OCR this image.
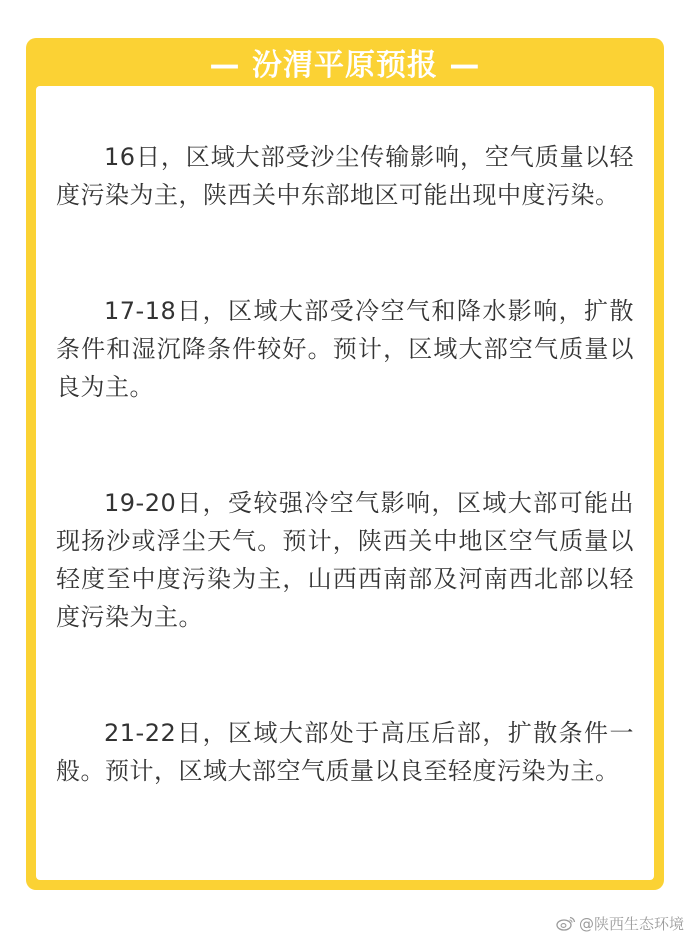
— 汾渭平原预报 —

16日，区域大部受沙尘传输影响，空气质量以轻度污染为主，陕西关中东部地区可能出现中度污染。

17-18日，区域大部受冷空气和降水影响，扩散条件和湿沉降条件较好。预计，区域大部空气质量以良为主。

19-20日，受较强冷空气影响，区域大部可能出现扬沙或浮尘天气。预计，陕西关中地区空气质量以轻度至中度污染为主，山西西南部及河南西北部以轻度污染为主。

21-22日，区域大部处于高压后部，扩散条件一般。预计，区域大部空气质量以良至轻度污染为主。

@陕西生态环境
